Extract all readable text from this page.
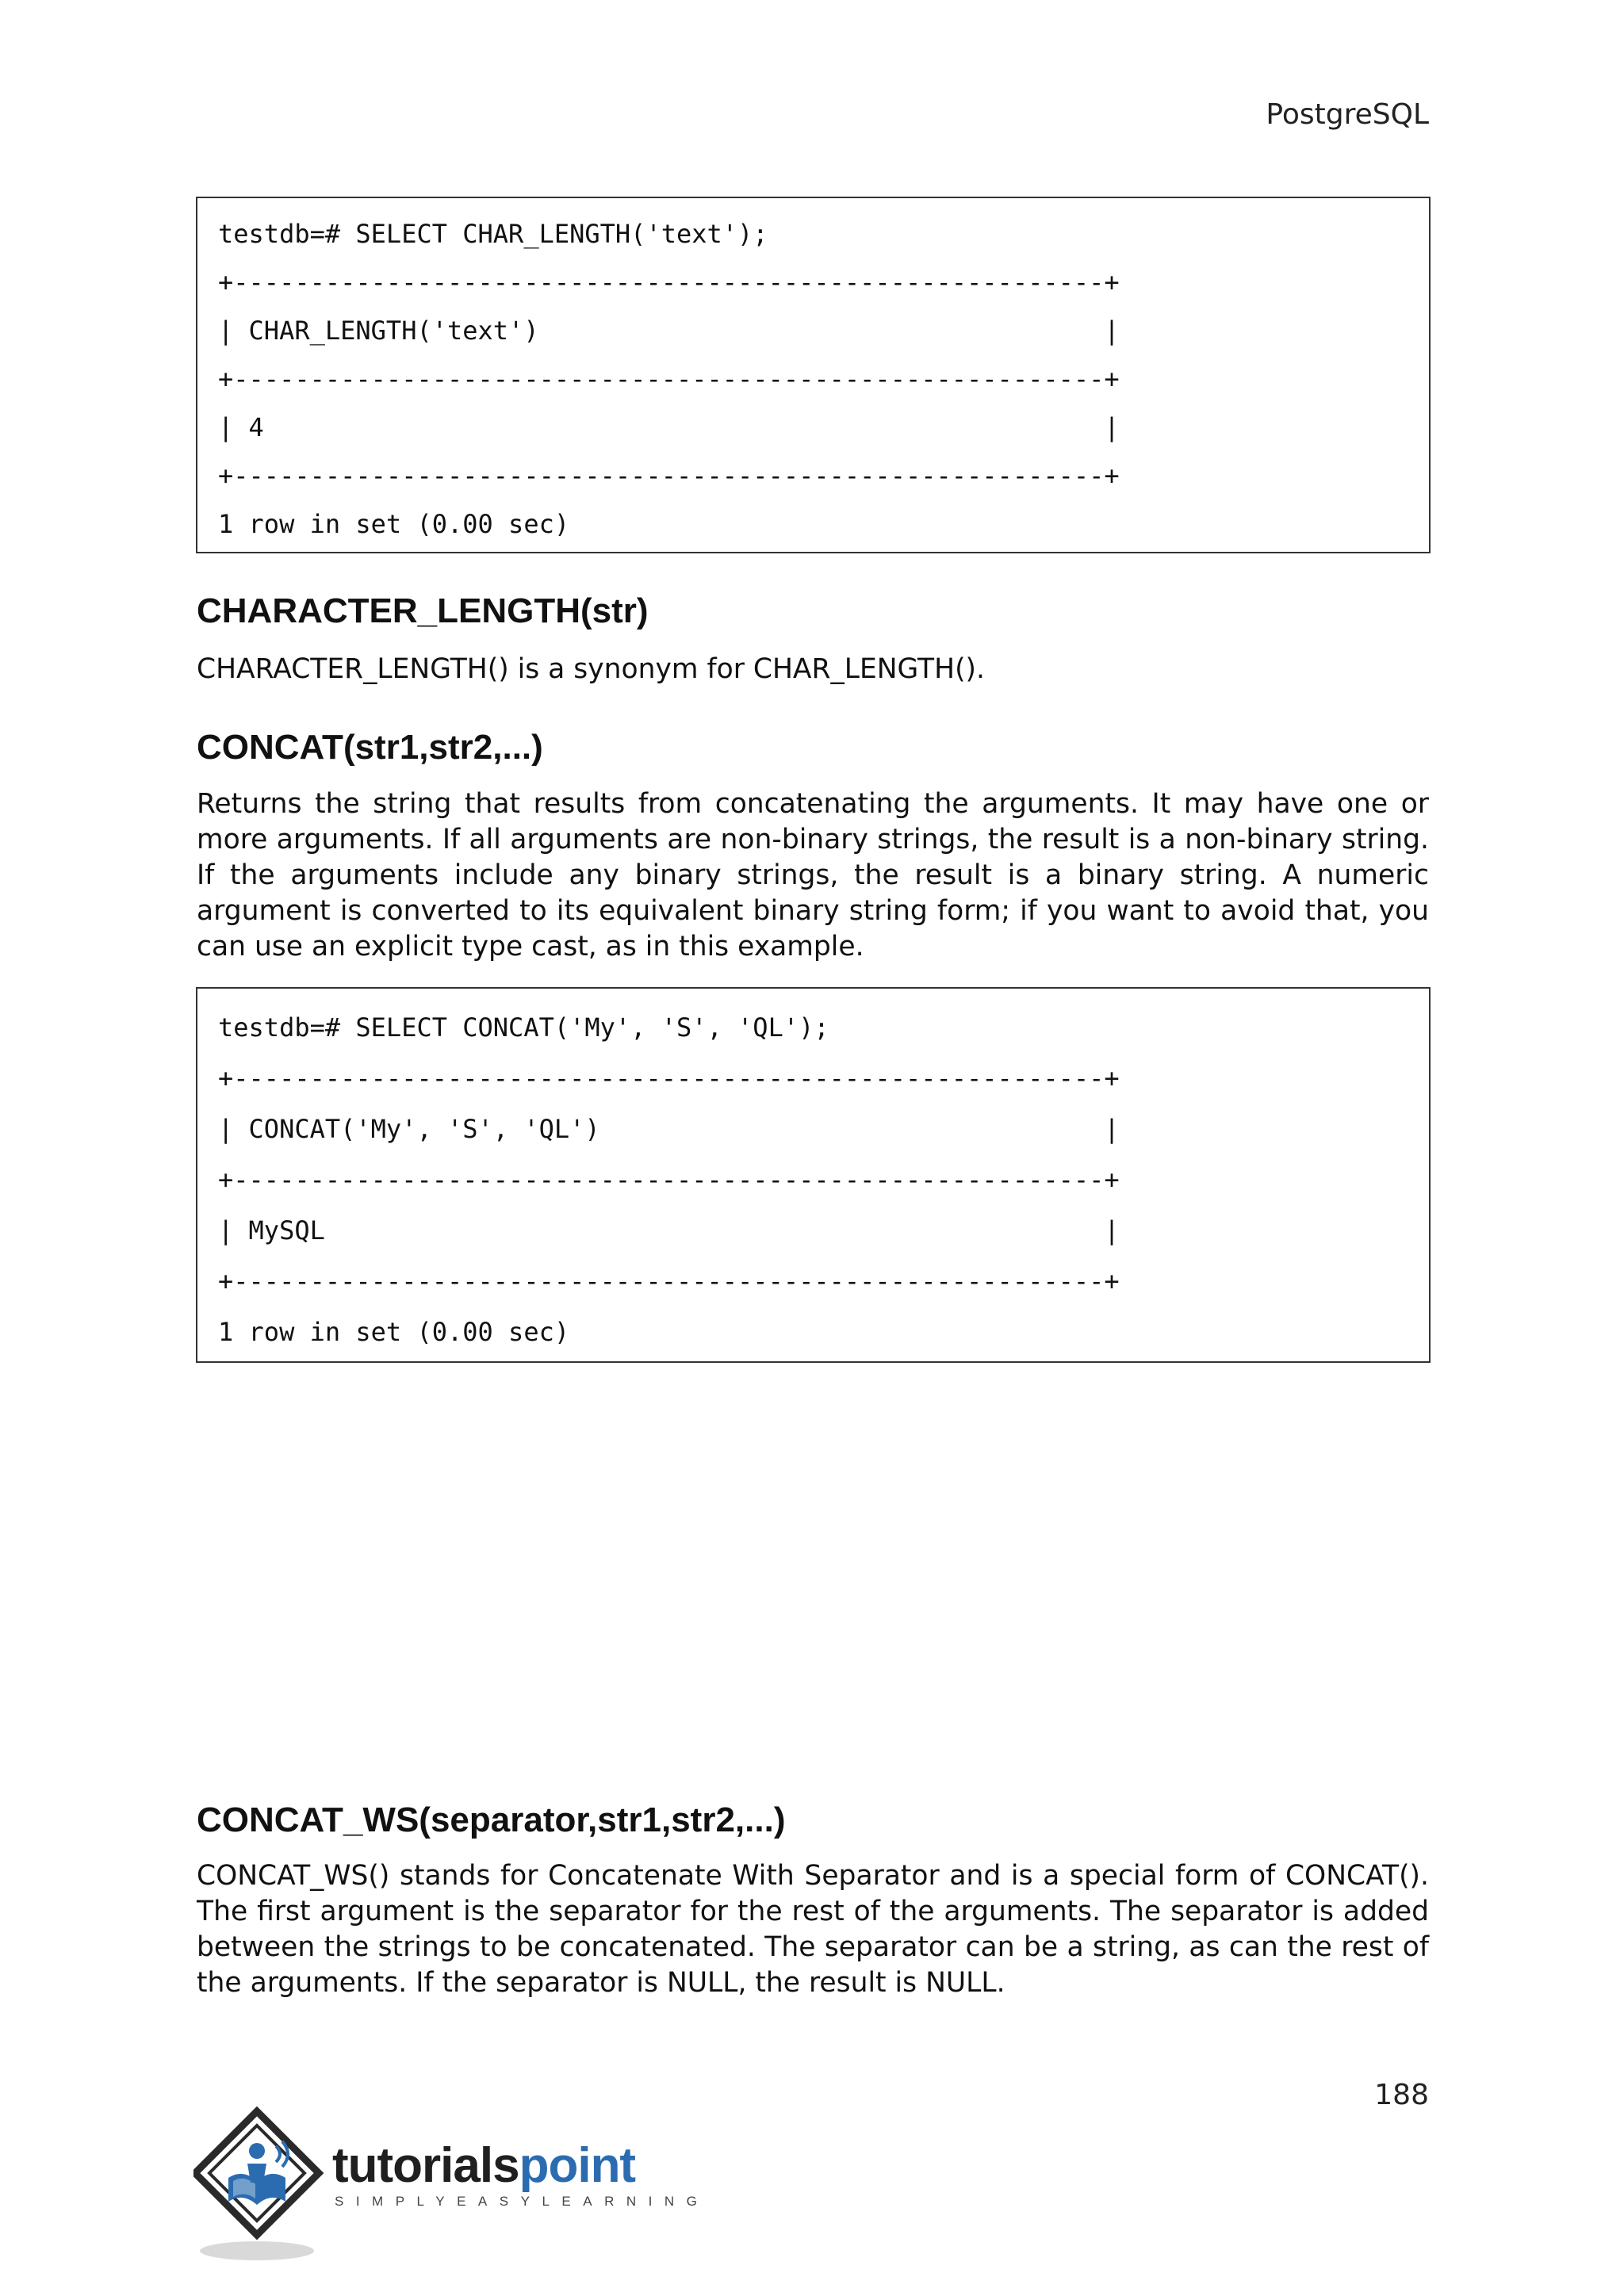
PostgreSQL
testdb=# SELECT CHAR_LENGTH('text');
+---------------------------------------------------------+
| CHAR_LENGTH('text')                                     |
+---------------------------------------------------------+
| 4                                                       |
+---------------------------------------------------------+
1 row in set (0.00 sec)
CHARACTER_LENGTH(str)

CHARACTER_LENGTH() is a synonym for CHAR_LENGTH().

CONCAT(str1,str2,...)

Returns the string that results from concatenating the arguments. It may have one or more arguments. If all arguments are non-binary strings, the result is a non-binary string. If the arguments include any binary strings, the result is a binary string. A numeric argument is converted to its equivalent binary string form; if you want to avoid that, you can use an explicit type cast, as in this example.

testdb=# SELECT CONCAT('My', 'S', 'QL');
+---------------------------------------------------------+
| CONCAT('My', 'S', 'QL')                                 |
+---------------------------------------------------------+
| MySQL                                                   |
+---------------------------------------------------------+
1 row in set (0.00 sec)
CONCAT_WS(separator,str1,str2,...)

CONCAT_WS() stands for Concatenate With Separator and is a special form of CONCAT(). The first argument is the separator for the rest of the arguments. The separator is added between the strings to be concatenated. The separator can be a string, as can the rest of the arguments. If the separator is NULL, the result is NULL.

188
tutorialspoint
SIMPLYEASYLEARNING
